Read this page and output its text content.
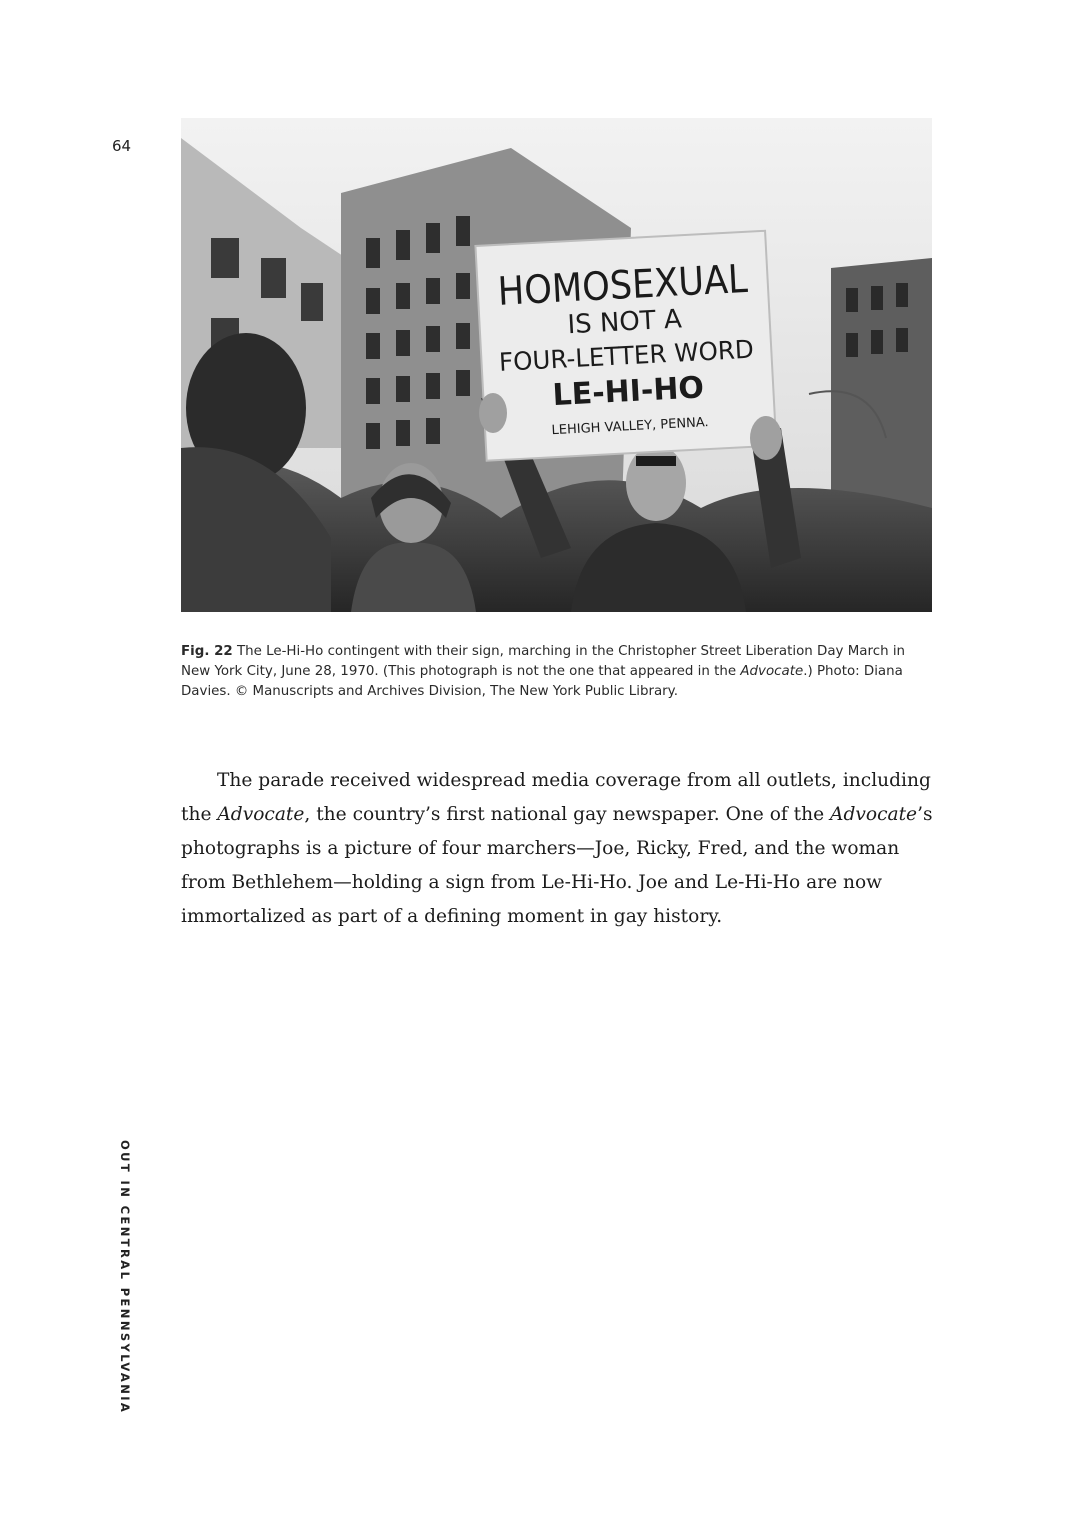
64
HOMOSEXUAL
IS NOT A
FOUR-LETTER WORD
LE-HI-HO
LEHIGH VALLEY, PENNA.
Fig. 22 The Le-Hi-Ho contingent with their sign, marching in the Christopher Street Liberation Day March in New York City, June 28, 1970. (This photograph is not the one that appeared in the Advocate.) Photo: Diana Davies. © Manuscripts and Archives Division, The New York Public Library.

The parade received widespread media coverage from all outlets, including the Advocate, the country’s first national gay newspaper. One of the Advocate’s photographs is a picture of four marchers—Joe, Ricky, Fred, and the woman from Bethlehem—holding a sign from Le-Hi-Ho. Joe and Le-Hi-Ho are now immortalized as part of a defining moment in gay history.

OUT IN CENTRAL PENNSYLVANIA
